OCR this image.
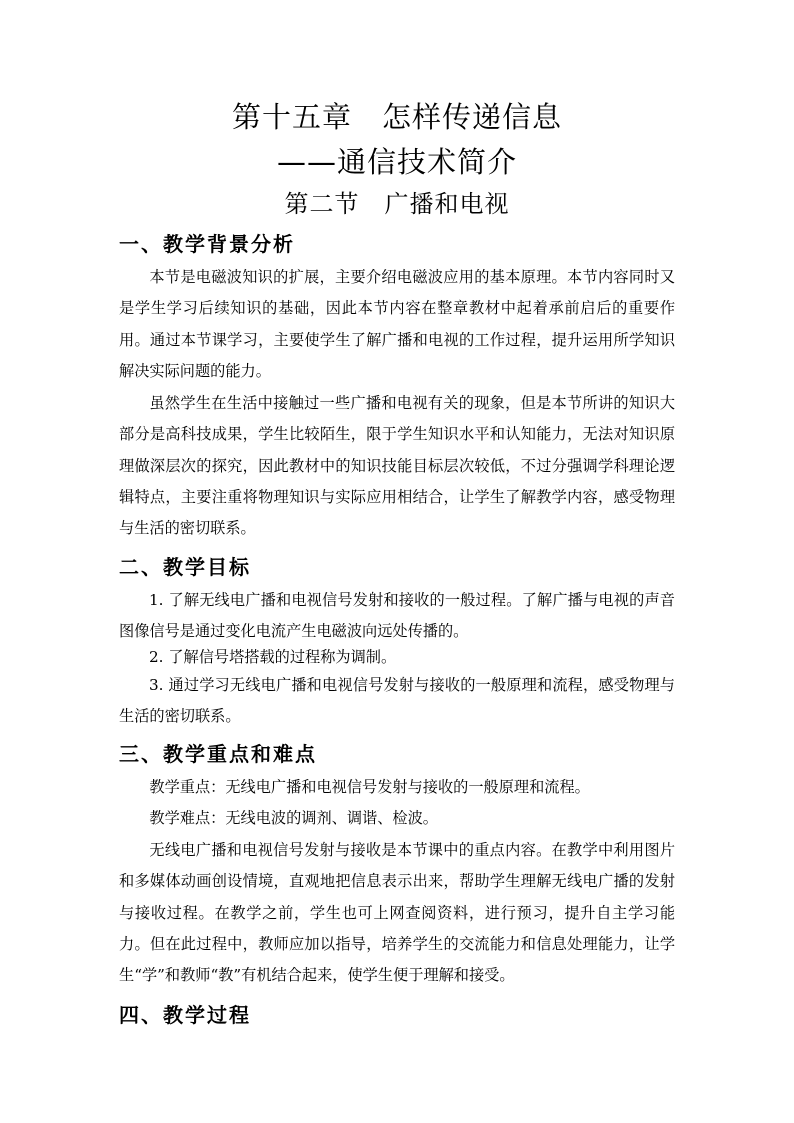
第十五章　怎样传递信息
——通信技术简介
第二节　广播和电视
一、教学背景分析

本节是电磁波知识的扩展，主要介绍电磁波应用的基本原理。本节内容同时又是学生学习后续知识的基础，因此本节内容在整章教材中起着承前启后的重要作用。通过本节课学习，主要使学生了解广播和电视的工作过程，提升运用所学知识解决实际问题的能力。

虽然学生在生活中接触过一些广播和电视有关的现象，但是本节所讲的知识大部分是高科技成果，学生比较陌生，限于学生知识水平和认知能力，无法对知识原理做深层次的探究，因此教材中的知识技能目标层次较低，不过分强调学科理论逻辑特点，主要注重将物理知识与实际应用相结合，让学生了解教学内容，感受物理与生活的密切联系。

二、教学目标

1. 了解无线电广播和电视信号发射和接收的一般过程。了解广播与电视的声音图像信号是通过变化电流产生电磁波向远处传播的。

2. 了解信号塔搭载的过程称为调制。

3. 通过学习无线电广播和电视信号发射与接收的一般原理和流程，感受物理与生活的密切联系。

三、教学重点和难点

教学重点：无线电广播和电视信号发射与接收的一般原理和流程。

教学难点：无线电波的调剂、调谐、检波。

无线电广播和电视信号发射与接收是本节课中的重点内容。在教学中利用图片和多媒体动画创设情境，直观地把信息表示出来，帮助学生理解无线电广播的发射与接收过程。在教学之前，学生也可上网查阅资料，进行预习，提升自主学习能力。但在此过程中，教师应加以指导，培养学生的交流能力和信息处理能力，让学生“学”和教师“教”有机结合起来，使学生便于理解和接受。

四、教学过程
